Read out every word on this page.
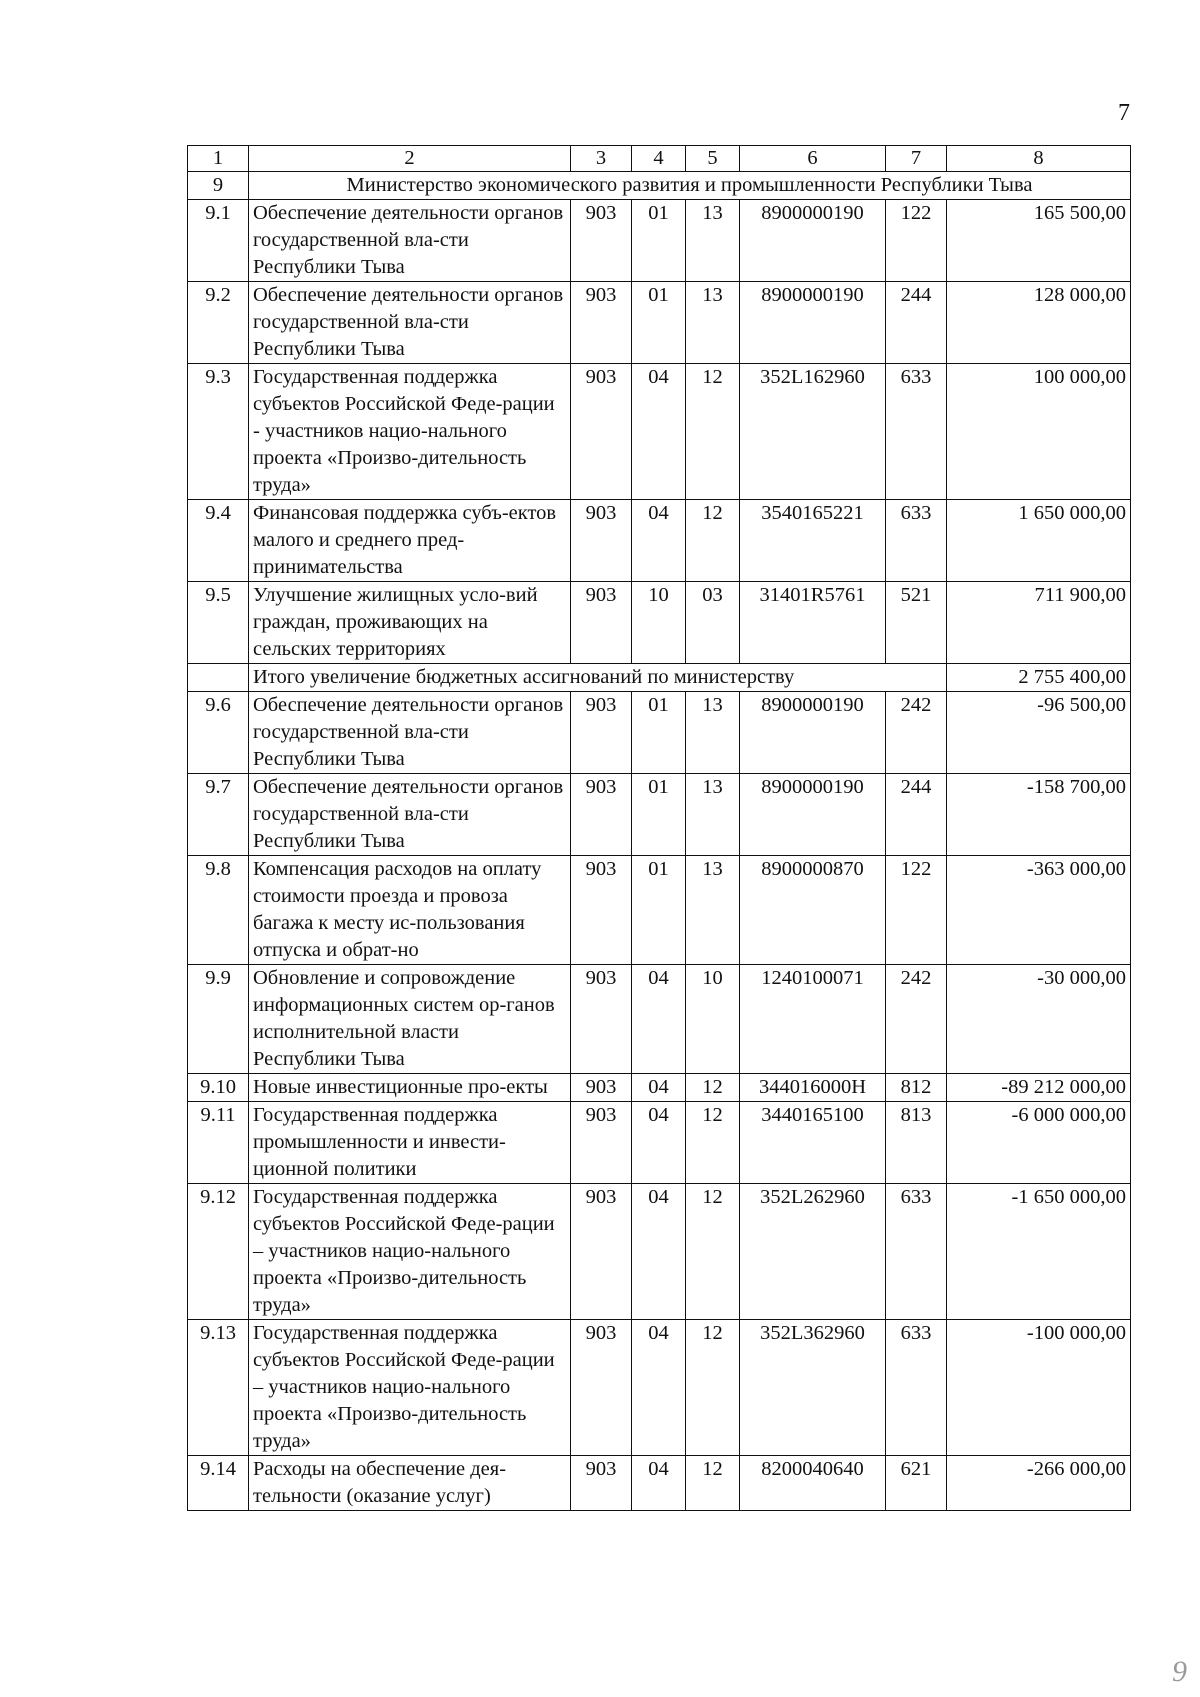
7
1	2	3	4	5	6	7	8
9	Министерство экономического развития и промышленности Республики Тыва						
9.1	Обеспечение деятельности органов государственной вла-сти Республики Тыва	903	01	13	8900000190	122	165 500,00
9.2	Обеспечение деятельности органов государственной вла-сти Республики Тыва	903	01	13	8900000190	244	128 000,00
9.3	Государственная поддержка субъектов Российской Феде-рации - участников нацио-нального проекта «Произво-дительность труда»	903	04	12	352L162960	633	100 000,00
9.4	Финансовая поддержка субъ-ектов малого и среднего пред-принимательства	903	04	12	3540165221	633	1 650 000,00
9.5	Улучшение жилищных усло-вий граждан, проживающих на сельских территориях	903	10	03	31401R5761	521	711 900,00
	Итого увеличение бюджетных ассигнований по министерству						2 755 400,00
9.6	Обеспечение деятельности органов государственной вла-сти Республики Тыва	903	01	13	8900000190	242	-96 500,00
9.7	Обеспечение деятельности органов государственной вла-сти Республики Тыва	903	01	13	8900000190	244	-158 700,00
9.8	Компенсация расходов на оплату стоимости проезда и провоза багажа к месту ис-пользования отпуска и обрат-но	903	01	13	8900000870	122	-363 000,00
9.9	Обновление и сопровождение информационных систем ор-ганов исполнительной власти Республики Тыва	903	04	10	1240100071	242	-30 000,00
9.10	Новые инвестиционные про-екты	903	04	12	344016000H	812	-89 212 000,00
9.11	Государственная поддержка промышленности и инвести-ционной политики	903	04	12	3440165100	813	-6 000 000,00
9.12	Государственная поддержка субъектов Российской Феде-рации – участников нацио-нального проекта «Произво-дительность труда»	903	04	12	352L262960	633	-1 650 000,00
9.13	Государственная поддержка субъектов Российской Феде-рации – участников нацио-нального проекта «Произво-дительность труда»	903	04	12	352L362960	633	-100 000,00
9.14	Расходы на обеспечение дея-тельности (оказание услуг)	903	04	12	8200040640	621	-266 000,00
9
